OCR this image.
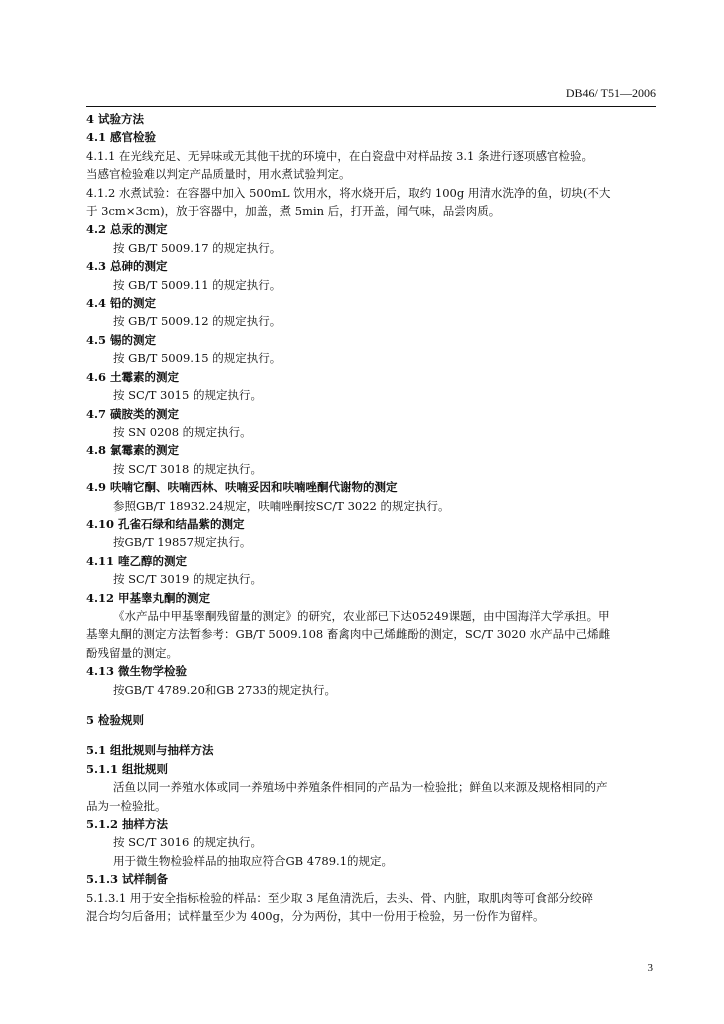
DB46/ T51—2006
4 试验方法
4.1 感官检验
4.1.1 在光线充足、无异味或无其他干扰的环境中，在白瓷盘中对样品按 3.1 条进行逐项感官检验。
当感官检验难以判定产品质量时，用水煮试验判定。
4.1.2 水煮试验：在容器中加入 500mL 饮用水，将水烧开后，取约 100g 用清水洗净的鱼，切块(不大
于 3cm×3cm)，放于容器中，加盖，煮 5min 后，打开盖，闻气味，品尝肉质。
4.2 总汞的测定
按 GB/T 5009.17 的规定执行。
4.3 总砷的测定
按 GB/T 5009.11 的规定执行。
4.4 铅的测定
按 GB/T 5009.12 的规定执行。
4.5 锡的测定
按 GB/T 5009.15 的规定执行。
4.6 土霉素的测定
按 SC/T 3015 的规定执行。
4.7 磺胺类的测定
按 SN 0208 的规定执行。
4.8 氯霉素的测定
按 SC/T 3018 的规定执行。
4.9 呋喃它酮、呋喃西林、呋喃妥因和呋喃唑酮代谢物的测定
参照GB/T 18932.24规定，呋喃唑酮按SC/T 3022 的规定执行。
4.10 孔雀石绿和结晶紫的测定
按GB/T 19857规定执行。
4.11 喹乙醇的测定
按 SC/T 3019 的规定执行。
4.12 甲基睾丸酮的测定
《水产品中甲基睾酮残留量的测定》的研究，农业部已下达05249课题，由中国海洋大学承担。甲
基睾丸酮的测定方法暂参考：GB/T 5009.108 畜禽肉中己烯雌酚的测定，SC/T 3020 水产品中己烯雌
酚残留量的测定。
4.13 微生物学检验
按GB/T 4789.20和GB 2733的规定执行。
5 检验规则
5.1 组批规则与抽样方法
5.1.1 组批规则
活鱼以同一养殖水体或同一养殖场中养殖条件相同的产品为一检验批；鲜鱼以来源及规格相同的产
品为一检验批。
5.1.2 抽样方法
按 SC/T 3016 的规定执行。
用于微生物检验样品的抽取应符合GB 4789.1的规定。
5.1.3 试样制备
5.1.3.1 用于安全指标检验的样品：至少取 3 尾鱼清洗后，去头、骨、内脏，取肌肉等可食部分绞碎
混合均匀后备用；试样量至少为 400g，分为两份，其中一份用于检验，另一份作为留样。
3
